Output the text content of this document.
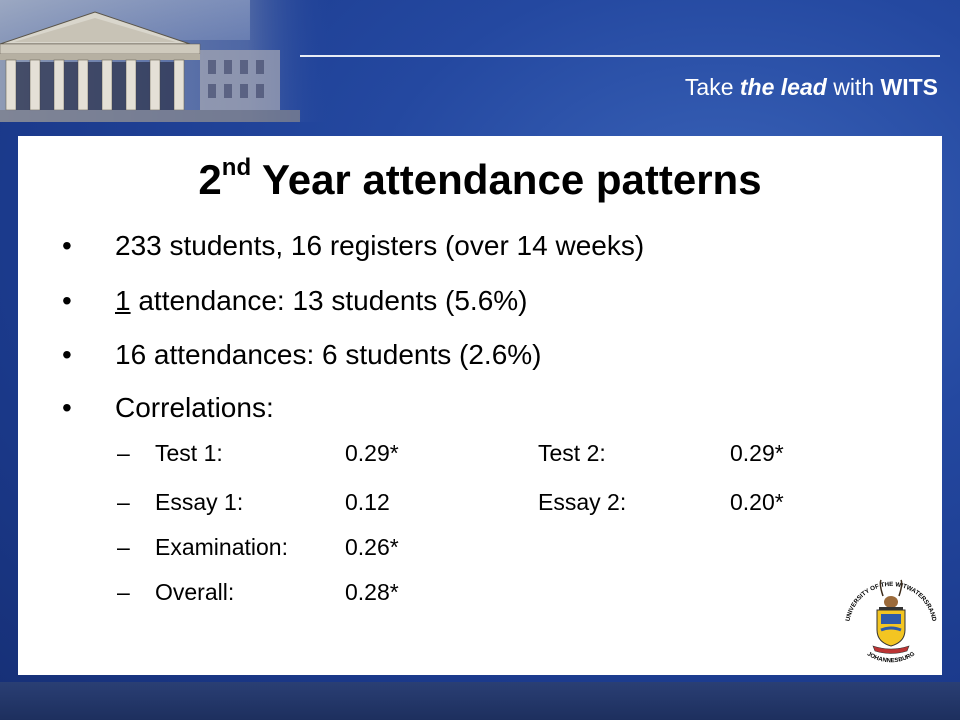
Take the lead with WITS
2nd Year attendance patterns
• 233 students, 16 registers (over 14 weeks)
• 1 attendance: 13 students (5.6%)
• 16 attendances: 6 students (2.6%)
• Correlations:
– Test 1:	0.29*	Test 2:	0.29*
– Essay 1:	0.12	Essay 2:	0.20*
– Examination: 0.26*
– Overall:	0.28*
UNIVERSITY OF THE WITWATERSRAND
JOHANNESBURG
